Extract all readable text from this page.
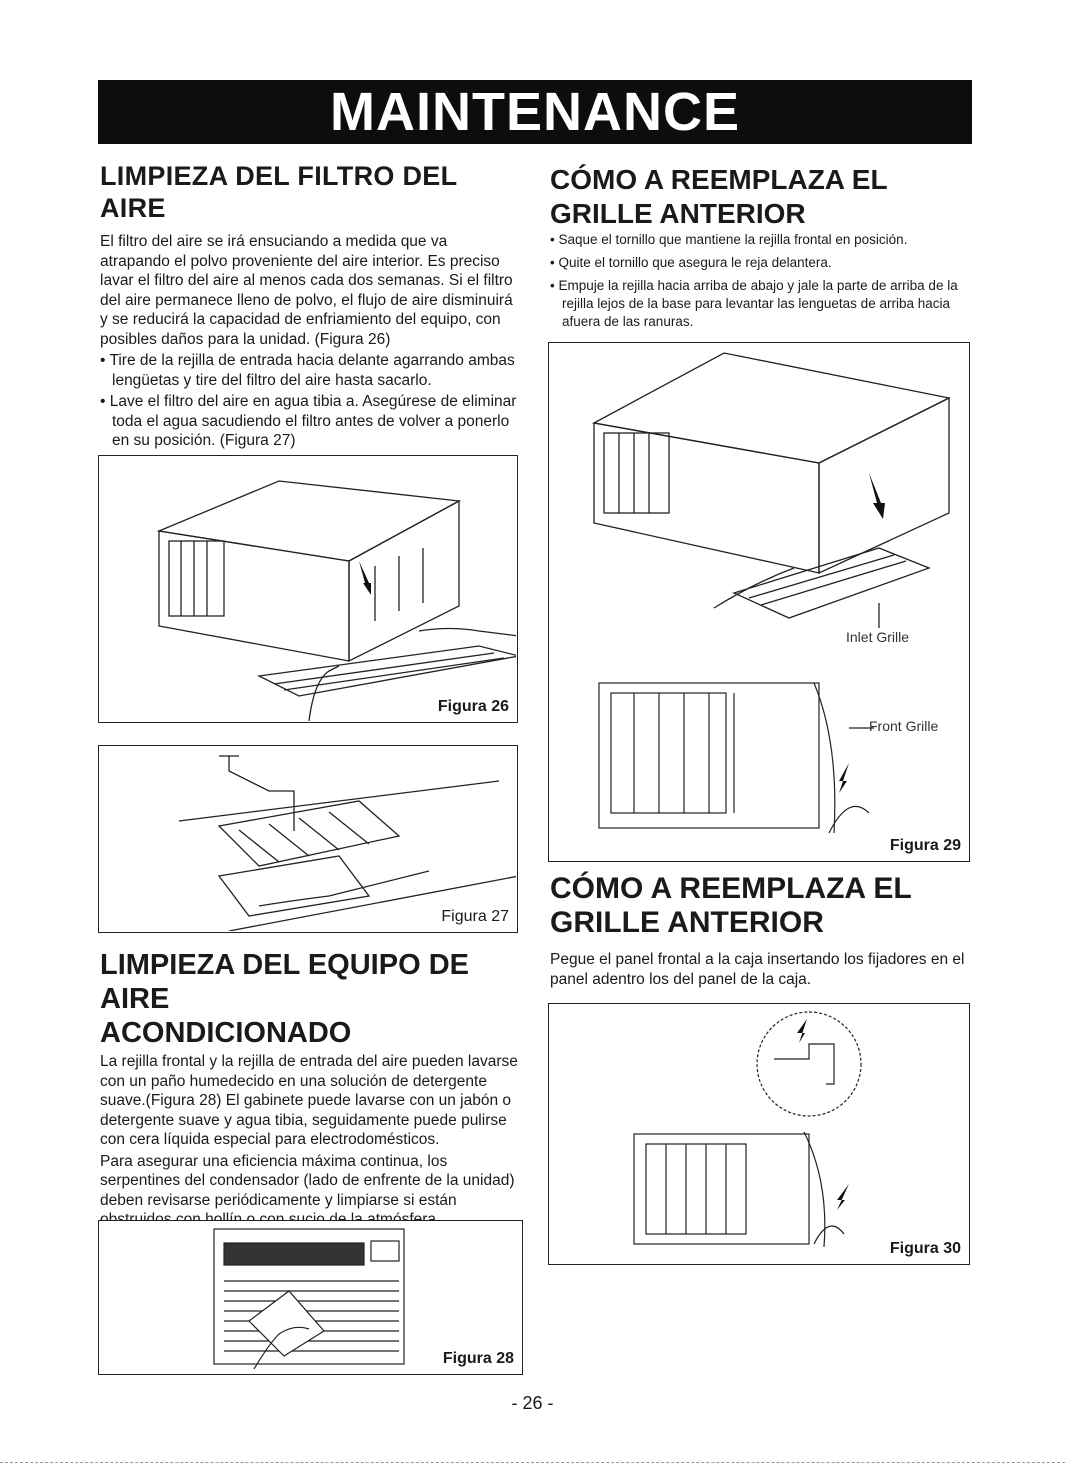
MAINTENANCE
LIMPIEZA DEL FILTRO DEL AIRE

El filtro del aire se irá ensuciando a medida que va atrapando el polvo proveniente del aire interior. Es preciso lavar el filtro del aire al menos cada dos semanas. Si el filtro del aire permanece lleno de polvo, el flujo de aire disminuirá y se reducirá la capacidad de enfriamiento del equipo, con posibles daños para la unidad. (Figura 26)

• Tire de la rejilla de entrada hacia delante agarrando ambas lengüetas y tire del filtro del aire hasta sacarlo.

• Lave el filtro del aire en agua tibia a. Asegúrese de eliminar toda el agua sacudiendo el filtro antes de volver a ponerlo en su posición. (Figura 27)

Figura 26
Figura 27
LIMPIEZA DEL EQUIPO DE AIRE
ACONDICIONADO

La rejilla frontal y la rejilla de entrada del aire pueden lavarse con un paño humedecido en una solución de detergente suave.(Figura 28) El gabinete puede lavarse con un jabón o detergente suave y agua tibia, seguidamente puede pulirse con cera líquida especial para electrodomésticos.

Para asegurar una eficiencia máxima continua, los serpentines del condensador (lado de enfrente de la unidad) deben revisarse periódicamente y limpiarse si están

Figura 28
CÓMO A REEMPLAZA EL
GRILLE ANTERIOR

• Saque el tornillo que mantiene la rejilla frontal en posición.

• Quite el tornillo que asegura le reja delantera.

• Empuje la rejilla hacia arriba de abajo y jale la parte de arriba de la rejilla lejos de la base para levantar las lenguetas de arriba hacia afuera de las ranuras.

Inlet Grille
Front Grille
Figura 29
CÓMO A REEMPLAZA EL
GRILLE ANTERIOR

Pegue el panel frontal a la caja insertando los fijadores en el panel adentro los del panel de la caja.

Figura 30
- 26 -
